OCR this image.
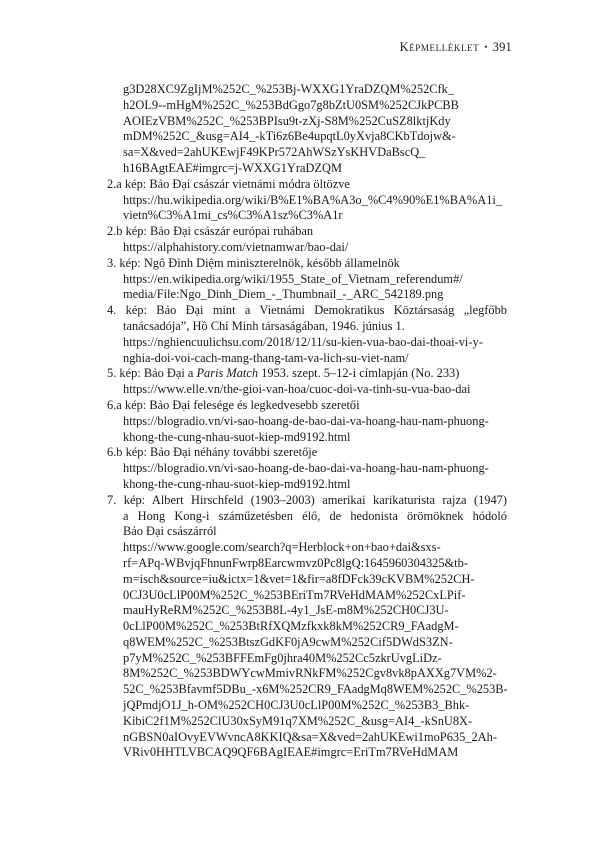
Képmelléklet • 391
g3D28XC9ZgIjM%252C_%253Bj-WXXG1YraDZQM%252Cfk_
h2OL9--mHgM%252C_%253BdGgo7g8bZtU0SM%252CJkPCBB
AOIEzVBM%252C_%253BPIsu9t-zXj-S8M%252CuSZ8lktjKdy
mDM%252C_&usg=AI4_-kTi6z6Be4upqtL0yXvja8CKbTdojw&-
sa=X&ved=2ahUKEwjF49KPr572AhWSzYsKHVDaBscQ_
h16BAgtEAE#imgrc=j-WXXG1YraDZQM
2.a kép: Bảo Đại császár vietnámi módra öltözve
https://hu.wikipedia.org/wiki/B%E1%BA%A3o_%C4%90%E1%BA%A1i_
vietn%C3%A1mi_cs%C3%A1sz%C3%A1r
2.b kép: Bảo Đại császár európai ruhában
https://alphahistory.com/vietnamwar/bao-dai/
3. kép: Ngô Đình Diệm miniszterelnök, később államelnök
https://en.wikipedia.org/wiki/1955_State_of_Vietnam_referendum#/
media/File:Ngo_Dinh_Diem_-_Thumbnail_-_ARC_542189.png
4. kép: Bảo Đại mint a Vietnámi Demokratikus Köztársaság „legfőbb
tanácsadója”, Hồ Chí Minh társaságában, 1946. június 1.
https://nghiencuulichsu.com/2018/12/11/su-kien-vua-bao-dai-thoai-vi-y-
nghia-doi-voi-cach-mang-thang-tam-va-lich-su-viet-nam/
5. kép: Bảo Đại a Paris Match 1953. szept. 5–12-i címlapján (No. 233)
https://www.elle.vn/the-gioi-van-hoa/cuoc-doi-va-tinh-su-vua-bao-dai
6.a kép: Bảo Đại felesége és legkedvesebb szeretői
https://blogradio.vn/vi-sao-hoang-de-bao-dai-va-hoang-hau-nam-phuong-
khong-the-cung-nhau-suot-kiep-md9192.html
6.b kép: Bảo Đại néhány további szeretője
https://blogradio.vn/vi-sao-hoang-de-bao-dai-va-hoang-hau-nam-phuong-
khong-the-cung-nhau-suot-kiep-md9192.html
7. kép: Albert Hirschfeld (1903–2003) amerikai karikaturista rajza (1947)
a Hong Kong-i száműzetésben élő, de hedonista örömöknek hódoló
Bảo Đại császárról
https://www.google.com/search?q=Herblock+on+bao+dai&sxs-
rf=APq-WBvjqFhnunFwrp8Earcwmvz0Pc8lgQ:1645960304325&tb-
m=isch&source=iu&ictx=1&vet=1&fir=a8fDFck39cKVBM%252CH-
0CJ3U0cLlP00M%252C_%253BEriTm7RVeHdMAM%252CxLPif-
mauHyReRM%252C_%253B8L-4y1_JsE-m8M%252CH0CJ3U-
0cLlP00M%252C_%253BtRfXQMzfkxk8kM%252CR9_FAadgM-
q8WEM%252C_%253BtszGdKF0jA9cwM%252Cif5DWdS3ZN-
p7yM%252C_%253BFFEmFg0jhra40M%252Cc5zkrUvgLiDz-
8M%252C_%253BDWYcwMmivRNkFM%252Cgv8vk8pAXXg7VM%2-
52C_%253Bfavmf5DBu_-x6M%252CR9_FAadgMq8WEM%252C_%253B-
jQPmdjO1J_h-OM%252CH0CJ3U0cLlP00M%252C_%253B3_Bhk-
KibiC2f1M%252ClU30xSyM91q7XM%252C_&usg=AI4_-kSnU8X-
nGBSN0aIOvyEVWvncA8KKIQ&sa=X&ved=2ahUKEwi1moP635_2Ah-
VRiv0HHTLVBCAQ9QF6BAgIEAE#imgrc=EriTm7RVeHdMAM
